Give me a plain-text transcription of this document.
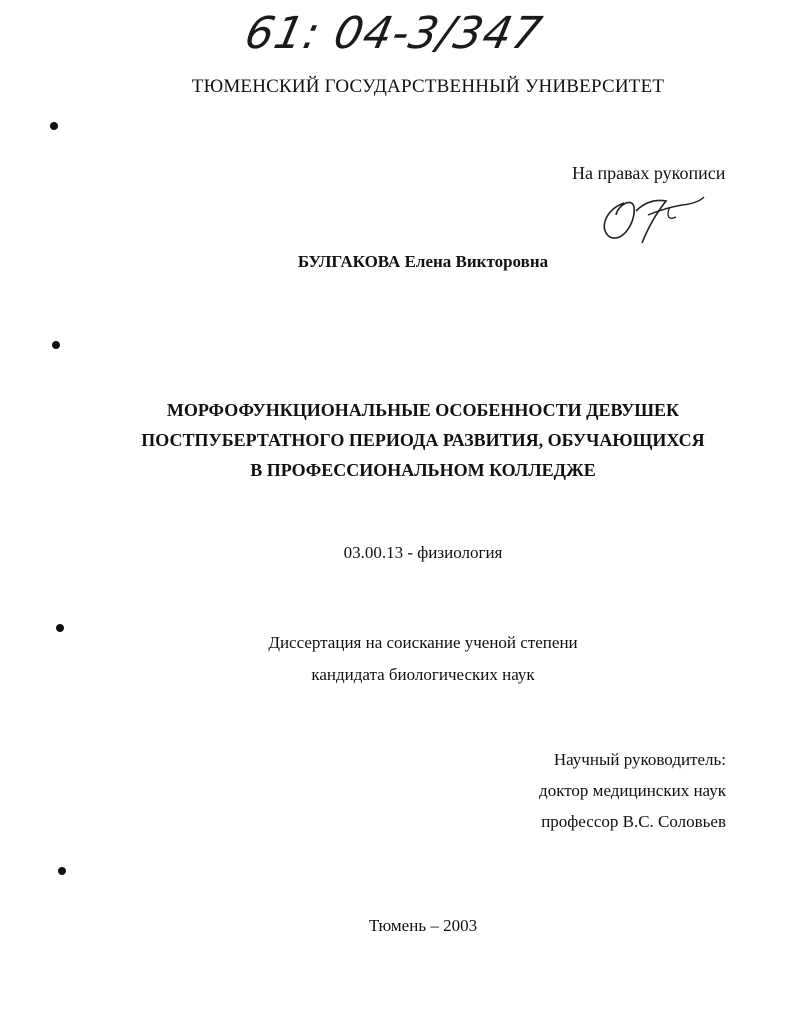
61: 04-3/347
ТЮМЕНСКИЙ ГОСУДАРСТВЕННЫЙ УНИВЕРСИТЕТ
На правах рукописи
БУЛГАКОВА Елена Викторовна
МОРФОФУНКЦИОНАЛЬНЫЕ ОСОБЕННОСТИ ДЕВУШЕК
ПОСТПУБЕРТАТНОГО ПЕРИОДА РАЗВИТИЯ, ОБУЧАЮЩИХСЯ
В ПРОФЕССИОНАЛЬНОМ КОЛЛЕДЖЕ
03.00.13 - физиология
Диссертация на соискание ученой степени
кандидата биологических наук
Научный руководитель:
доктор медицинских наук
профессор В.С. Соловьев
Тюмень – 2003
